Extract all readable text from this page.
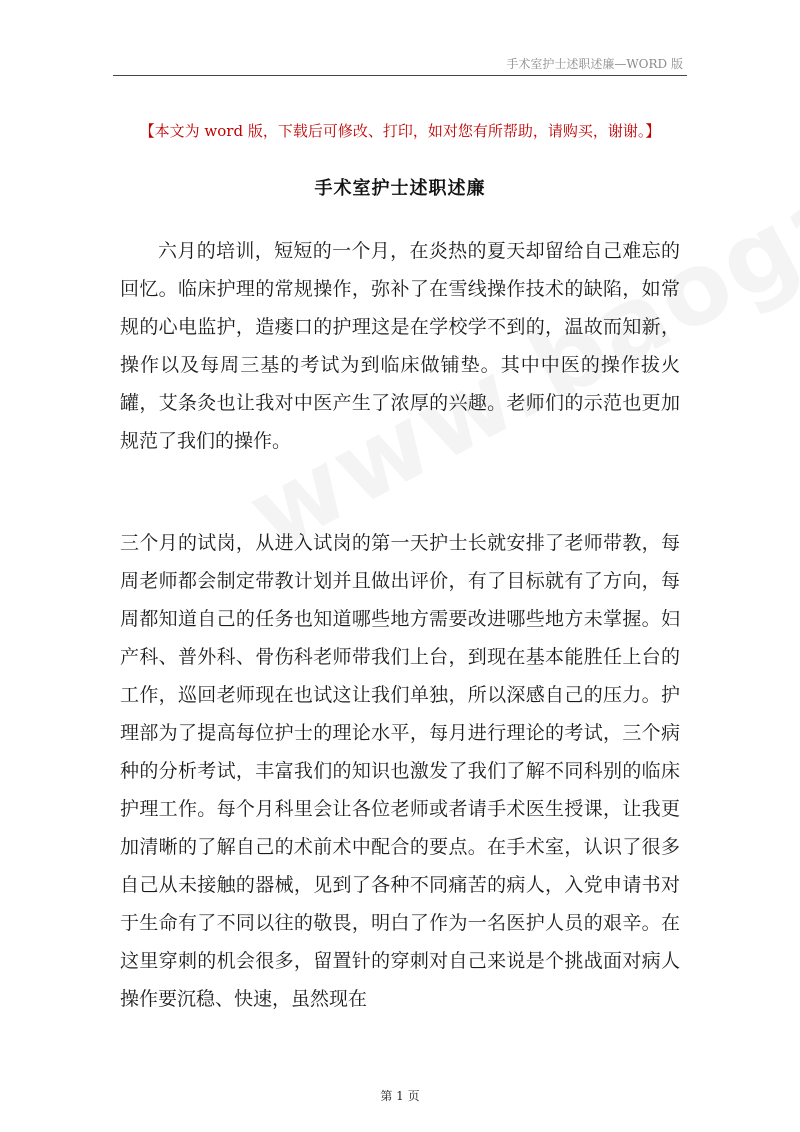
手术室护士述职述廉—WORD 版
【本文为 word 版，下载后可修改、打印，如对您有所帮助，请购买，谢谢。】
手术室护士述职述廉

六月的培训，短短的一个月，在炎热的夏天却留给自己难忘的回忆。临床护理的常规操作，弥补了在雪线操作技术的缺陷，如常规的心电监护，造瘘口的护理这是在学校学不到的，温故而知新，操作以及每周三基的考试为到临床做铺垫。其中中医的操作拔火罐，艾条灸也让我对中医产生了浓厚的兴趣。老师们的示范也更加规范了我们的操作。

三个月的试岗，从进入试岗的第一天护士长就安排了老师带教，每周老师都会制定带教计划并且做出评价，有了目标就有了方向，每周都知道自己的任务也知道哪些地方需要改进哪些地方未掌握。妇产科、普外科、骨伤科老师带我们上台，到现在基本能胜任上台的工作，巡回老师现在也试这让我们单独，所以深感自己的压力。护理部为了提高每位护士的理论水平，每月进行理论的考试，三个病种的分析考试，丰富我们的知识也激发了我们了解不同科别的临床护理工作。每个月科里会让各位老师或者请手术医生授课，让我更加清晰的了解自己的术前术中配合的要点。在手术室，认识了很多自己从未接触的器械，见到了各种不同痛苦的病人，入党申请书对于生命有了不同以往的敬畏，明白了作为一名医护人员的艰辛。在这里穿刺的机会很多，留置针的穿刺对自己来说是个挑战面对病人操作要沉稳、快速，虽然现在

第 1 页
